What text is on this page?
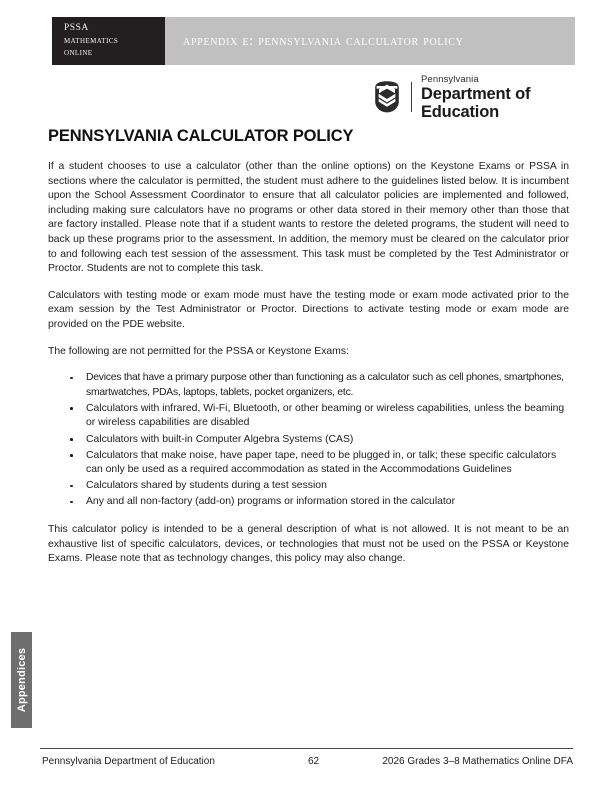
PSSA
mathematics
online
appendix e: pennsylvania calculator policy
Pennsylvania
Department of Education
PENNSYLVANIA CALCULATOR POLICY

If a student chooses to use a calculator (other than the online options) on the Keystone Exams or PSSA in sections where the calculator is permitted, the student must adhere to the guidelines listed below. It is incumbent upon the School Assessment Coordinator to ensure that all calculator policies are implemented and followed, including making sure calculators have no programs or other data stored in their memory other than those that are factory installed. Please note that if a student wants to restore the deleted programs, the student will need to back up these programs prior to the assessment. In addition, the memory must be cleared on the calculator prior to and following each test session of the assessment. This task must be completed by the Test Administrator or Proctor. Students are not to complete this task.

Calculators with testing mode or exam mode must have the testing mode or exam mode activated prior to the exam session by the Test Administrator or Proctor. Directions to activate testing mode or exam mode are provided on the PDE website.

The following are not permitted for the PSSA or Keystone Exams:

Devices that have a primary purpose other than functioning as a calculator such as cell phones, smartphones, smartwatches, PDAs, laptops, tablets, pocket organizers, etc.
Calculators with infrared, Wi-Fi, Bluetooth, or other beaming or wireless capabilities, unless the beaming or wireless capabilities are disabled
Calculators with built-in Computer Algebra Systems (CAS)
Calculators that make noise, have paper tape, need to be plugged in, or talk; these specific calculators can only be used as a required accommodation as stated in the Accommodations Guidelines
Calculators shared by students during a test session
Any and all non-factory (add-on) programs or information stored in the calculator

This calculator policy is intended to be a general description of what is not allowed. It is not meant to be an exhaustive list of specific calculators, devices, or technologies that must not be used on the PSSA or Keystone Exams. Please note that as technology changes, this policy may also change.

Appendices
Pennsylvania Department of Education	62	2026 Grades 3–8 Mathematics Online DFA
